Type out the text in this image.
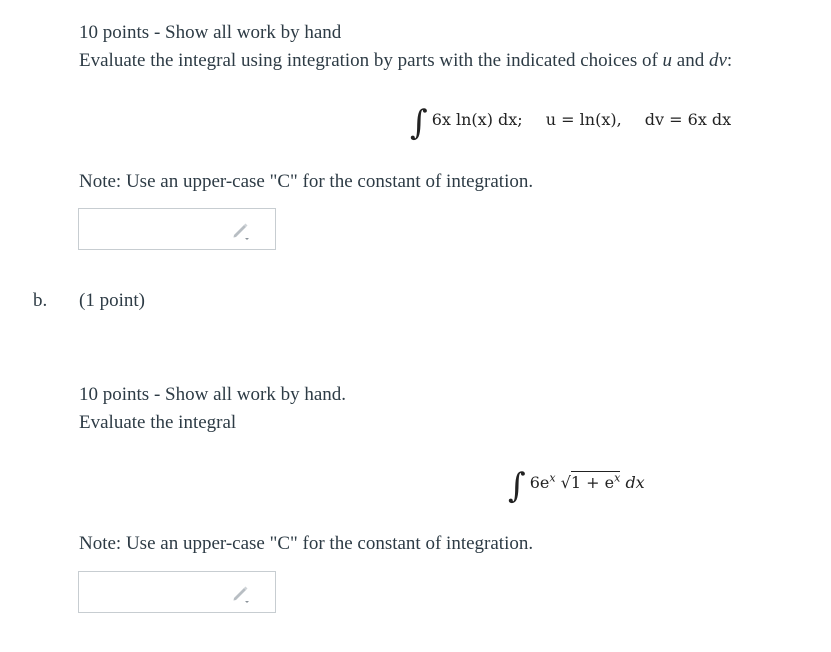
10 points - Show all work by hand
Evaluate the integral using integration by parts with the indicated choices of u and dv:
∫ 6x ln(x) dx; u = ln(x), dv = 6x dx
Note: Use an upper-case "C" for the constant of integration.
b. (1 point)
10 points - Show all work by hand.
Evaluate the integral
∫ $6e^x$ $√1 + e^x$ dx
Note: Use an upper-case "C" for the constant of integration.
